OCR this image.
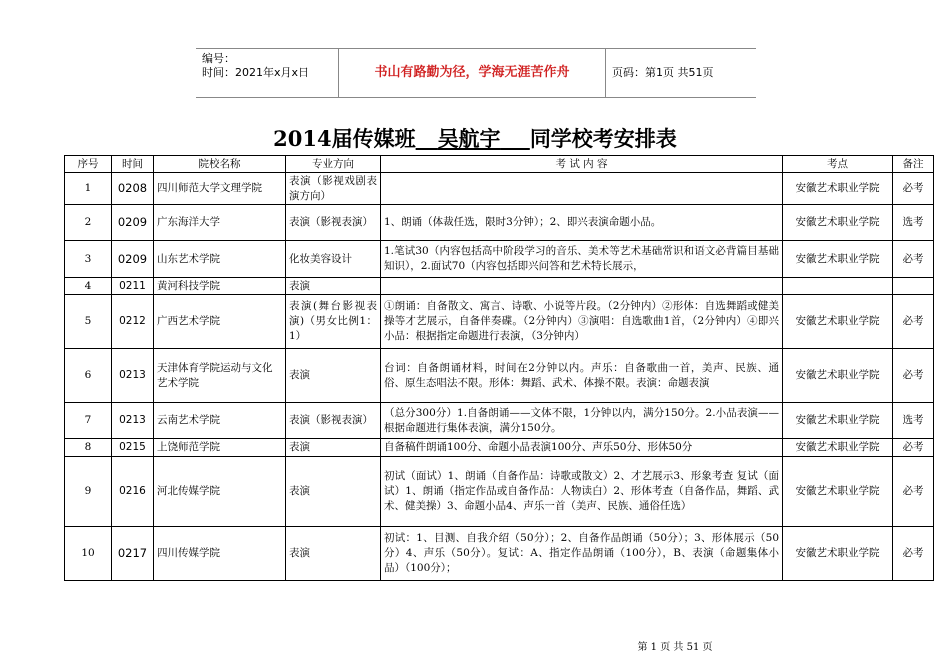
编号：
时间：2021年x月x日	书山有路勤为径，学海无涯苦作舟	页码：第1页 共51页
2014届传媒班 吴航宇 同学校考安排表
序号	时间	院校名称	专业方向	考 试 内 容	考点	备注
1	0208	四川师范大学文理学院	表演（影视戏剧表演方向）		安徽艺术职业学院	必考
2	0209	广东海洋大学	表演（影视表演）	1、朗诵（体裁任选，限时3分钟）；2、即兴表演命题小品。	安徽艺术职业学院	选考
3	0209	山东艺术学院	化妆美容设计	1.笔试30（内容包括高中阶段学习的音乐、美术等艺术基础常识和语文必背篇目基础知识），2.面试70（内容包括即兴问答和艺术特长展示，	安徽艺术职业学院	必考
4	0211	黄河科技学院	表演			
5	0212	广西艺术学院	表演(舞台影视表演)（男女比例1：1）	①朗诵：自备散文、寓言、诗歌、小说等片段。（2分钟内）②形体：自选舞蹈或健美操等才艺展示，自备伴奏碟。（2分钟内）③演唱：自选歌曲1首，（2分钟内）④即兴小品：根据指定命题进行表演，（3分钟内）	安徽艺术职业学院	必考
6	0213	天津体育学院运动与文化艺术学院	表演	台词：自备朗诵材料，时间在2分钟以内。声乐：自备歌曲一首，美声、民族、通俗、原生态唱法不限。形体：舞蹈、武术、体操不限。表演：命题表演	安徽艺术职业学院	必考
7	0213	云南艺术学院	表演（影视表演）	（总分300分）1.自备朗诵——文体不限，1分钟以内，满分150分。2.小品表演——根据命题进行集体表演，满分150分。	安徽艺术职业学院	选考
8	0215	上饶师范学院	表演	自备稿件朗诵100分、命题小品表演100分、声乐50分、形体50分	安徽艺术职业学院	必考
9	0216	河北传媒学院	表演	初试（面试）1、朗诵（自备作品：诗歌或散文）2、才艺展示3、形象考查 复试（面试）1、朗诵（指定作品或自备作品：人物读白）2、形体考查（自备作品，舞蹈、武术、健美操）3、命题小品4、声乐一首（美声、民族、通俗任选）	安徽艺术职业学院	必考
10	0217	四川传媒学院	表演	初试：1、目测、自我介绍（50分）；2、自备作品朗诵（50分）；3、形体展示（50分）4、声乐（50分）。复试：A、指定作品朗诵（100分），B、表演（命题集体小品）（100分）；	安徽艺术职业学院	必考
第 1 页 共 51 页
